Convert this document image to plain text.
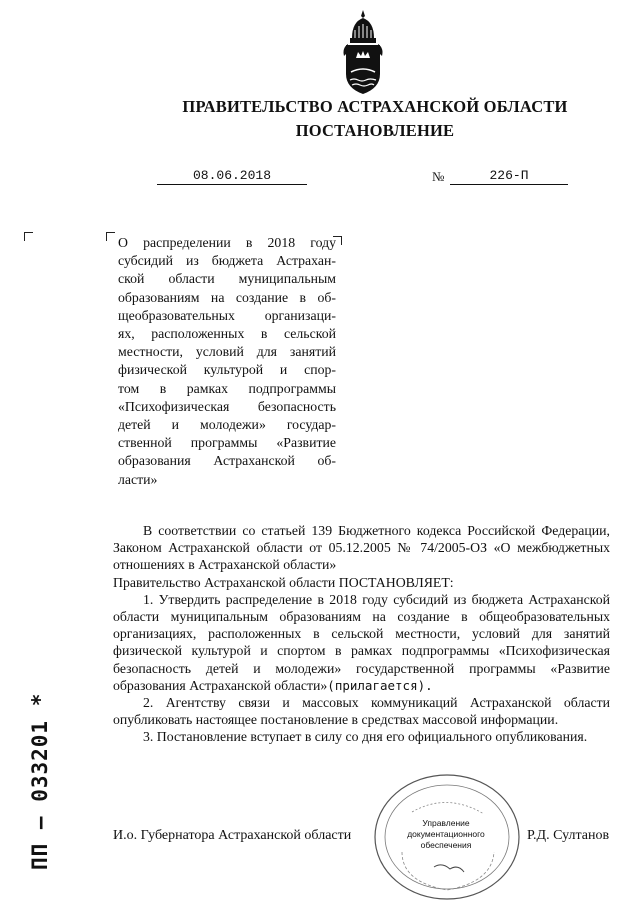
ПРАВИТЕЛЬСТВО АСТРАХАНСКОЙ ОБЛАСТИ
ПОСТАНОВЛЕНИЕ
08.06.2018	№	226-П
О распределении в 2018 году
субсидий из бюджета Астрахан-
ской области муниципальным
образованиям на создание в об-
щеобразовательных организаци-
ях, расположенных в сельской
местности, условий для занятий
физической культурой и спор-
том в рамках подпрограммы
«Психофизическая безопасность
детей и молодежи» государ-
ственной программы «Развитие
образования Астраханской об-
ласти»

В соответствии со статьей 139 Бюджетного кодекса Российской Федерации, Законом Астраханской области от 05.12.2005 № 74/2005-ОЗ «О межбюджетных отношениях в Астраханской области»

Правительство Астраханской области ПОСТАНОВЛЯЕТ:

1. Утвердить распределение в 2018 году субсидий из бюджета Астраханской области муниципальным образованиям на создание в общеобразовательных организациях, расположенных в сельской местности, условий для занятий физической культурой и спортом в рамках подпрограммы «Психофизическая безопасность детей и молодежи» государственной программы «Развитие образования Астраханской области»(прилагается).

2. Агентству связи и массовых коммуникаций Астраханской области опубликовать настоящее постановление в средствах массовой информации.

3. Постановление вступает в силу со дня его официального опубликования.

ПП – 033201 *	И.о. Губернатора Астраханской области	Р.Д. Султанов
Управление
документационного
обеспечения
